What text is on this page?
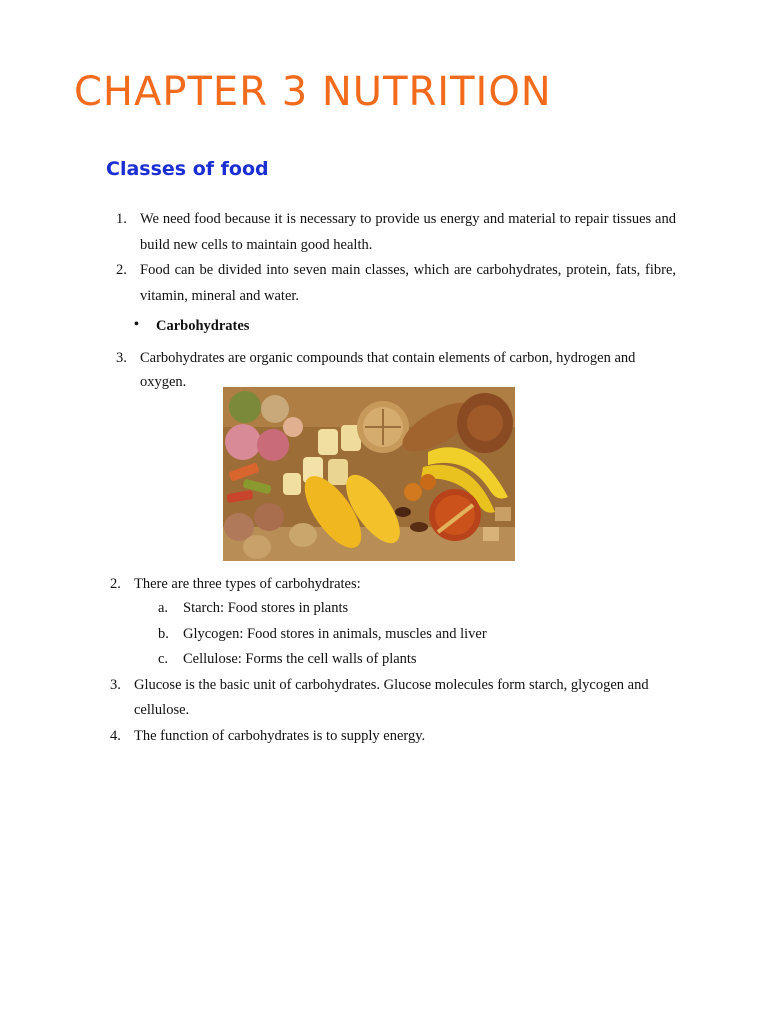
CHAPTER 3 NUTRITION
Classes of food
1. We need food because it is necessary to provide us energy and material to repair tissues and build new cells to maintain good health.
2. Food can be divided into seven main classes, which are carbohydrates, protein, fats, fibre, vitamin, mineral and water.
• Carbohydrates
3. Carbohydrates are organic compounds that contain elements of carbon, hydrogen and oxygen.
2. There are three types of carbohydrates:
a. Starch: Food stores in plants
b. Glycogen: Food stores in animals, muscles and liver
c. Cellulose: Forms the cell walls of plants
3. Glucose is the basic unit of carbohydrates. Glucose molecules form starch, glycogen and cellulose.
4. The function of carbohydrates is to supply energy.
